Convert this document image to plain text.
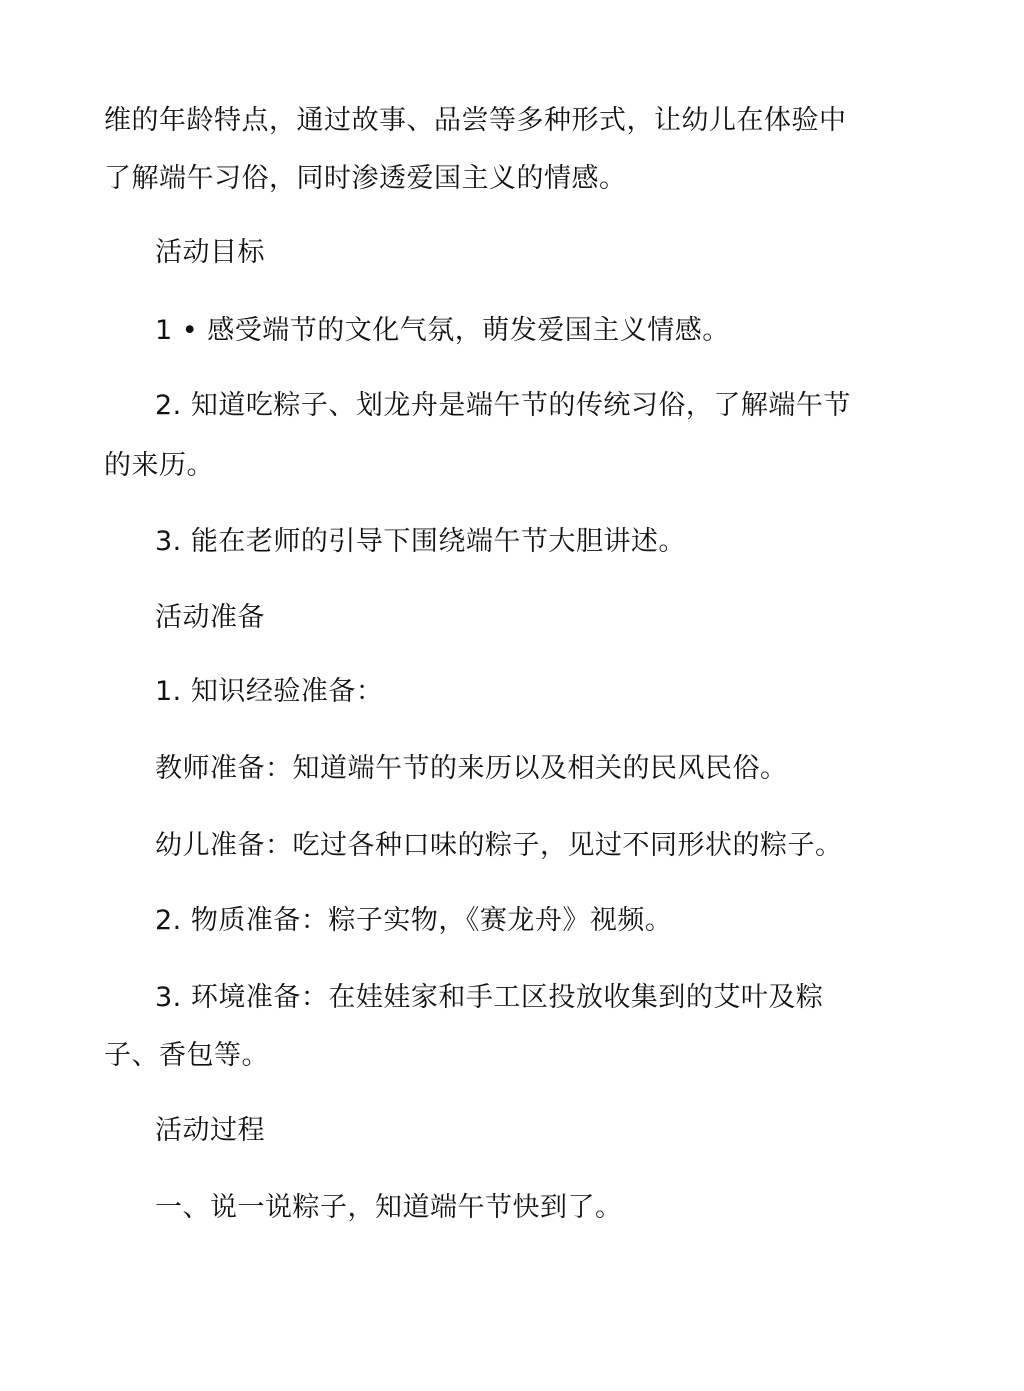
维的年龄特点，通过故事、品尝等多种形式，让幼儿在体验中
了解端午习俗，同时渗透爱国主义的情感。
活动目标
1 • 感受端节的文化气氛，萌发爱国主义情感。
2. 知道吃粽子、划龙舟是端午节的传统习俗，了解端午节
的来历。
3. 能在老师的引导下围绕端午节大胆讲述。
活动准备
1. 知识经验准备：
教师准备：知道端午节的来历以及相关的民风民俗。
幼儿准备：吃过各种口味的粽子，见过不同形状的粽子。
2. 物质准备：粽子实物，《赛龙舟》视频。
3. 环境准备：在娃娃家和手工区投放收集到的艾叶及粽
子、香包等。
活动过程
一、说一说粽子，知道端午节快到了。
